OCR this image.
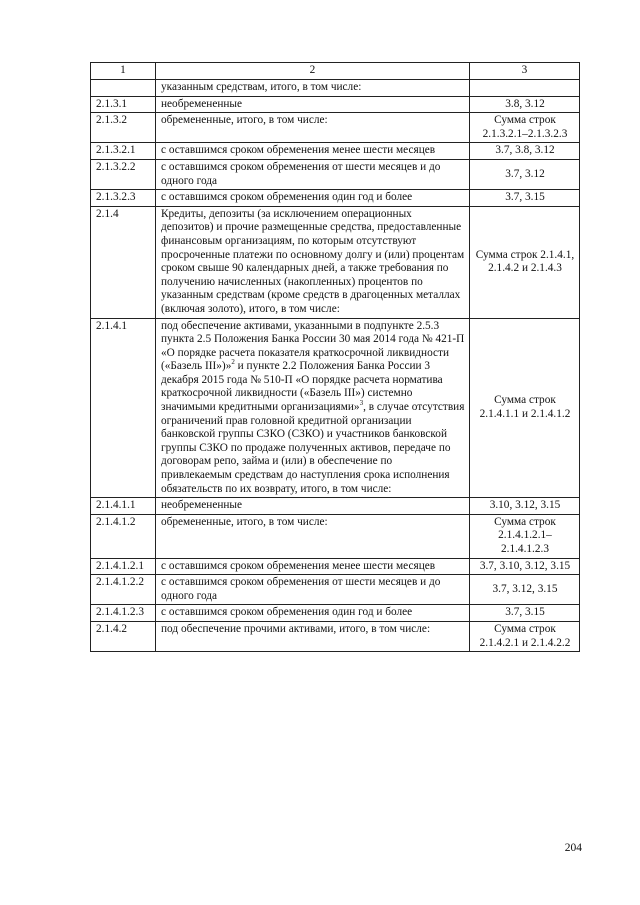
1	2	3
	указанным средствам, итого, в том числе:	
2.1.3.1	необремененные	3.8, 3.12
2.1.3.2	обремененные, итого, в том числе:	Сумма строк 2.1.3.2.1–2.1.3.2.3
2.1.3.2.1	с оставшимся сроком обременения менее шести месяцев	3.7, 3.8, 3.12
2.1.3.2.2	с оставшимся сроком обременения от шести месяцев и до одного года	3.7, 3.12
2.1.3.2.3	с оставшимся сроком обременения один год и более	3.7, 3.15
2.1.4	Кредиты, депозиты (за исключением операционных депозитов) и прочие размещенные средства, предоставленные финансовым организациям, по которым отсутствуют просроченные платежи по основному долгу и (или) процентам сроком свыше 90 календарных дней, а также требования по получению начисленных (накопленных) процентов по указанным средствам (кроме средств в драгоценных металлах (включая золото), итого, в том числе:	Сумма строк 2.1.4.1, 2.1.4.2 и 2.1.4.3
2.1.4.1	под обеспечение активами, указанными в подпункте 2.5.3 пункта 2.5 Положения Банка России 30 мая 2014 года № 421-П «О порядке расчета показателя краткосрочной ликвидности («Базель III»)»$^2$ и пункте 2.2 Положения Банка России 3 декабря 2015 года № 510-П «О порядке расчета норматива краткосрочной ликвидности («Базель III») системно значимыми кредитными организациями»$^3$, в случае отсутствия ограничений прав головной кредитной организации банковской группы СЗКО (СЗКО) и участников банковской группы СЗКО по продаже полученных активов, передаче по договорам репо, займа и (или) в обеспечение по привлекаемым средствам до наступления срока исполнения обязательств по их возврату, итого, в том числе:	Сумма строк 2.1.4.1.1 и 2.1.4.1.2
2.1.4.1.1	необремененные	3.10, 3.12, 3.15
2.1.4.1.2	обремененные, итого, в том числе:	Сумма строк 2.1.4.1.2.1– 2.1.4.1.2.3
2.1.4.1.2.1	с оставшимся сроком обременения менее шести месяцев	3.7, 3.10, 3.12, 3.15
2.1.4.1.2.2	с оставшимся сроком обременения от шести месяцев и до одного года	3.7, 3.12, 3.15
2.1.4.1.2.3	с оставшимся сроком обременения один год и более	3.7, 3.15
2.1.4.2	под обеспечение прочими активами, итого, в том числе:	Сумма строк 2.1.4.2.1 и 2.1.4.2.2
204
